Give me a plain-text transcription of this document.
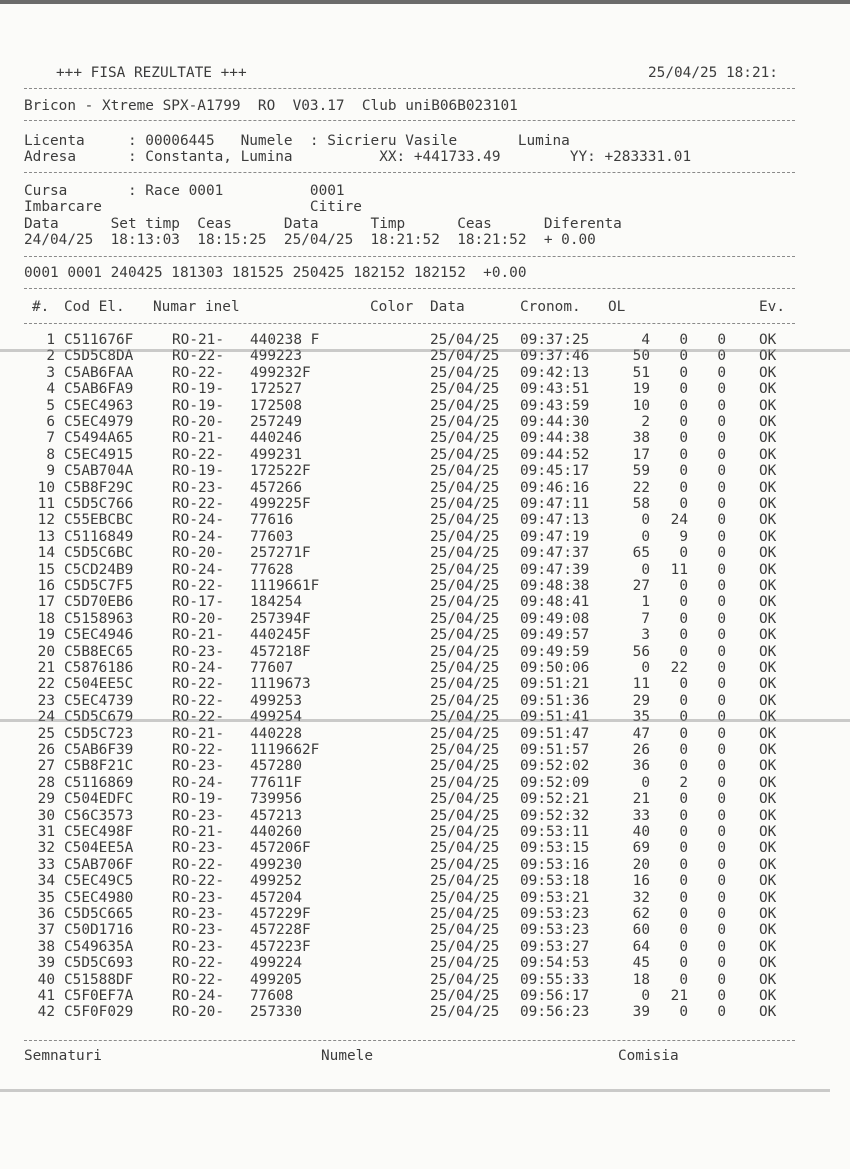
+++ FISA REZULTATE +++	25/04/25 18:21:
Bricon - Xtreme SPX-A1799  RO  V03.17  Club uniB06B023101
Licenta     : 00006445   Numele  : Sicrieru Vasile       Lumina
Adresa      : Constanta, Lumina          XX: +441733.49        YY: +283331.01
Cursa       : Race 0001          0001
Imbarcare                        Citire
Data      Set timp  Ceas      Data      Timp      Ceas      Diferenta
24/04/25  18:13:03  18:15:25  25/04/25  18:21:52  18:21:52  + 0.00
0001 0001 240425 181303 181525 250425 182152 182152  +0.00
#. Cod El. Numar inel	Color Data	Cronom. OL	Ev.
1 C511676F	RO-21-	440238 F	25/04/25	09:37:25	4	0	0 OK
2 C5D5C8DA	RO-22-	499223	25/04/25	09:37:46	50	0	0 OK
3 C5AB6FAA	RO-22-	499232F	25/04/25	09:42:13	51	0	0 OK
4 C5AB6FA9	RO-19-	172527	25/04/25	09:43:51	19	0	0 OK
5 C5EC4963	RO-19-	172508	25/04/25	09:43:59	10	0	0 OK
6 C5EC4979	RO-20-	257249	25/04/25	09:44:30	2	0	0 OK
7 C5494A65	RO-21-	440246	25/04/25	09:44:38	38	0	0 OK
8 C5EC4915	RO-22-	499231	25/04/25	09:44:52	17	0	0 OK
9 C5AB704A	RO-19-	172522F	25/04/25	09:45:17	59	0	0 OK
10 C5B8F29C	RO-23-	457266	25/04/25	09:46:16	22	0	0 OK
11 C5D5C766	RO-22-	499225F	25/04/25	09:47:11	58	0	0 OK
12 C55EBCBC	RO-24-	77616	25/04/25	09:47:13	0	24	0 OK
13 C5116849	RO-24-	77603	25/04/25	09:47:19	0	9	0 OK
14 C5D5C6BC	RO-20-	257271F	25/04/25	09:47:37	65	0	0 OK
15 C5CD24B9	RO-24-	77628	25/04/25	09:47:39	0	11	0 OK
16 C5D5C7F5	RO-22-	1119661F	25/04/25	09:48:38	27	0	0 OK
17 C5D70EB6	RO-17-	184254	25/04/25	09:48:41	1	0	0 OK
18 C5158963	RO-20-	257394F	25/04/25	09:49:08	7	0	0 OK
19 C5EC4946	RO-21-	440245F	25/04/25	09:49:57	3	0	0 OK
20 C5B8EC65	RO-23-	457218F	25/04/25	09:49:59	56	0	0 OK
21 C5876186	RO-24-	77607	25/04/25	09:50:06	0	22	0 OK
22 C504EE5C	RO-22-	1119673	25/04/25	09:51:21	11	0	0 OK
23 C5EC4739	RO-22-	499253	25/04/25	09:51:36	29	0	0 OK
24 C5D5C679	RO-22-	499254	25/04/25	09:51:41	35	0	0 OK
25 C5D5C723	RO-21-	440228	25/04/25	09:51:47	47	0	0 OK
26 C5AB6F39	RO-22-	1119662F	25/04/25	09:51:57	26	0	0 OK
27 C5B8F21C	RO-23-	457280	25/04/25	09:52:02	36	0	0 OK
28 C5116869	RO-24-	77611F	25/04/25	09:52:09	0	2	0 OK
29 C504EDFC	RO-19-	739956	25/04/25	09:52:21	21	0	0 OK
30 C56C3573	RO-23-	457213	25/04/25	09:52:32	33	0	0 OK
31 C5EC498F	RO-21-	440260	25/04/25	09:53:11	40	0	0 OK
32 C504EE5A	RO-23-	457206F	25/04/25	09:53:15	69	0	0 OK
33 C5AB706F	RO-22-	499230	25/04/25	09:53:16	20	0	0 OK
34 C5EC49C5	RO-22-	499252	25/04/25	09:53:18	16	0	0 OK
35 C5EC4980	RO-23-	457204	25/04/25	09:53:21	32	0	0 OK
36 C5D5C665	RO-23-	457229F	25/04/25	09:53:23	62	0	0 OK
37 C50D1716	RO-23-	457228F	25/04/25	09:53:23	60	0	0 OK
38 C549635A	RO-23-	457223F	25/04/25	09:53:27	64	0	0 OK
39 C5D5C693	RO-22-	499224	25/04/25	09:54:53	45	0	0 OK
40 C51588DF	RO-22-	499205	25/04/25	09:55:33	18	0	0 OK
41 C5F0EF7A	RO-24-	77608	25/04/25	09:56:17	0	21	0 OK
42 C5F0F029	RO-20-	257330	25/04/25	09:56:23	39	0	0 OK
Semnaturi	Numele	Comisia
